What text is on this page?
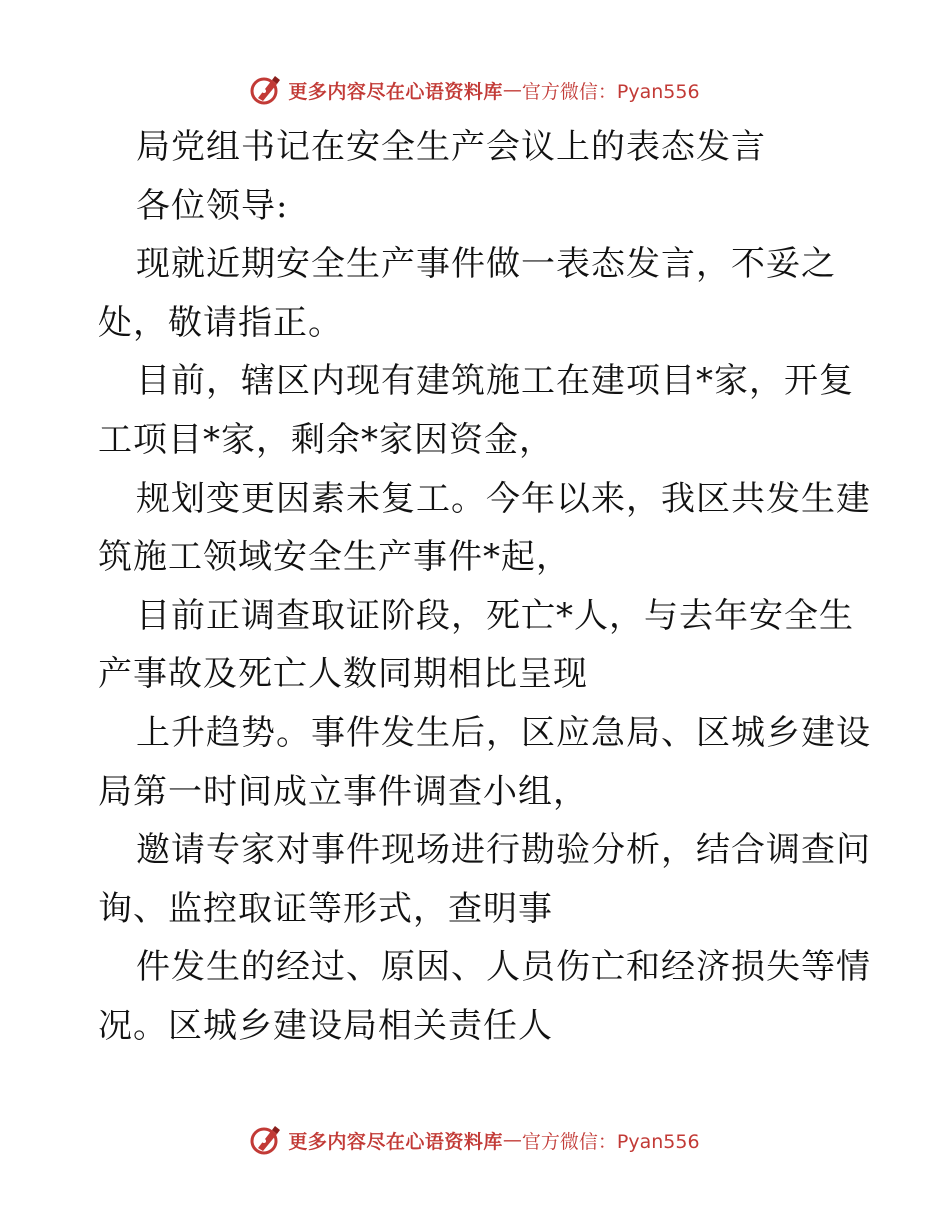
更多内容尽在心语资料库 — 官方微信：Pyan556
局党组书记在安全生产会议上的表态发言
各位领导:
现就近期安全生产事件做一表态发言，不妥之
处，敬请指正。
目前，辖区内现有建筑施工在建项目*家，开复
工项目*家，剩余*家因资金，
规划变更因素未复工。今年以来，我区共发生建
筑施工领域安全生产事件*起，
目前正调查取证阶段，死亡*人，与去年安全生
产事故及死亡人数同期相比呈现
上升趋势。事件发生后，区应急局、区城乡建设
局第一时间成立事件调查小组，
邀请专家对事件现场进行勘验分析，结合调查问
询、监控取证等形式，查明事
件发生的经过、原因、人员伤亡和经济损失等情
况。区城乡建设局相关责任人
更多内容尽在心语资料库 — 官方微信：Pyan556
